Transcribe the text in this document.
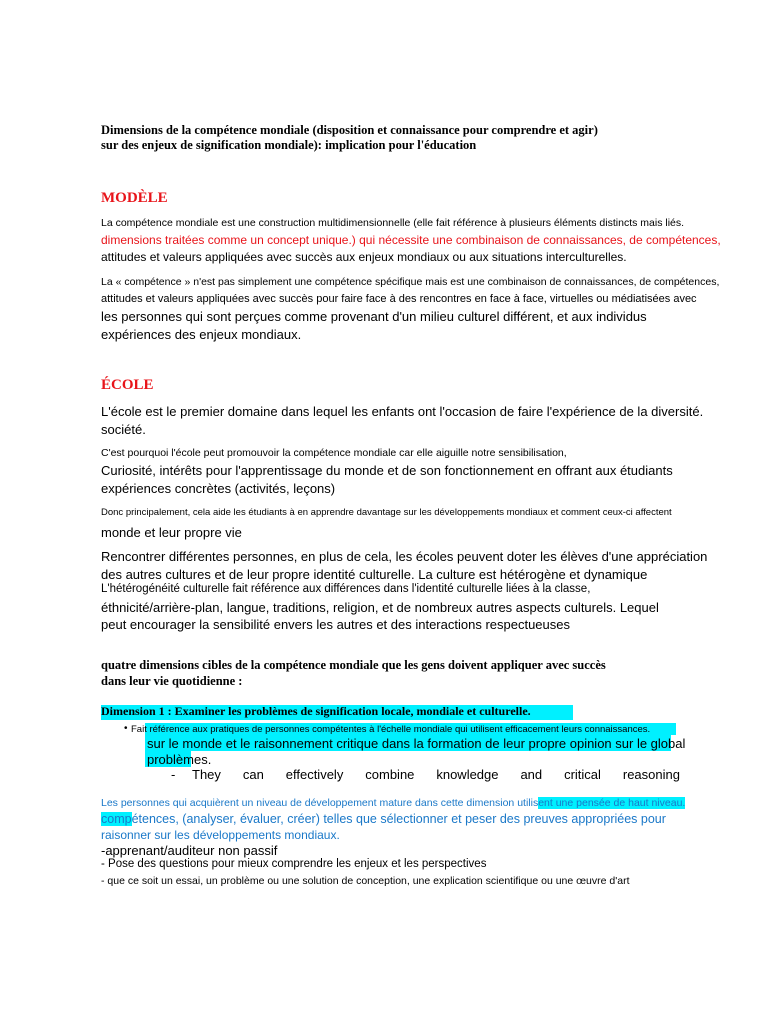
Dimensions de la compétence mondiale (disposition et connaissance pour comprendre et agir)
sur des enjeux de signification mondiale): implication pour l'éducation
MODÈLE
La compétence mondiale est une construction multidimensionnelle (elle fait référence à plusieurs éléments distincts mais liés.
dimensions traitées comme un concept unique.) qui nécessite une combinaison de connaissances, de compétences,
attitudes et valeurs appliquées avec succès aux enjeux mondiaux ou aux situations interculturelles.
La « compétence » n'est pas simplement une compétence spécifique mais est une combinaison de connaissances, de compétences,
attitudes et valeurs appliquées avec succès pour faire face à des rencontres en face à face, virtuelles ou médiatisées avec
les personnes qui sont perçues comme provenant d'un milieu culturel différent, et aux individus
expériences des enjeux mondiaux.
ÉCOLE
L'école est le premier domaine dans lequel les enfants ont l'occasion de faire l'expérience de la diversité.
société.
C'est pourquoi l'école peut promouvoir la compétence mondiale car elle aiguille notre sensibilisation,
Curiosité, intérêts pour l'apprentissage du monde et de son fonctionnement en offrant aux étudiants
expériences concrètes (activités, leçons)
Donc principalement, cela aide les étudiants à en apprendre davantage sur les développements mondiaux et comment ceux-ci affectent
monde et leur propre vie
Rencontrer différentes personnes, en plus de cela, les écoles peuvent doter les élèves d'une appréciation
des autres cultures et de leur propre identité culturelle. La culture est hétérogène et dynamique
L'hétérogénéité culturelle fait référence aux différences dans l'identité culturelle liées à la classe,
éthnicité/arrière-plan, langue, traditions, religion, et de nombreux autres aspects culturels. Lequel
peut encourager la sensibilité envers les autres et des interactions respectueuses
quatre dimensions cibles de la compétence mondiale que les gens doivent appliquer avec succès
dans leur vie quotidienne :
Dimension 1 : Examiner les problèmes de signification locale, mondiale et culturelle.
• Fait référence aux pratiques de personnes compétentes à l'échelle mondiale qui utilisent efficacement leurs connaissances.
sur le monde et le raisonnement critique dans la formation de leur propre opinion sur le global
problèmes.
- They can effectively combine knowledge and critical reasoning
Les personnes qui acquièrent un niveau de développement mature dans cette dimension utilisent une pensée de haut niveau.
compétences, (analyser, évaluer, créer) telles que sélectionner et peser des preuves appropriées pour
raisonner sur les développements mondiaux.
-apprenant/auditeur non passif
- Pose des questions pour mieux comprendre les enjeux et les perspectives
- que ce soit un essai, un problème ou une solution de conception, une explication scientifique ou une œuvre d'art
